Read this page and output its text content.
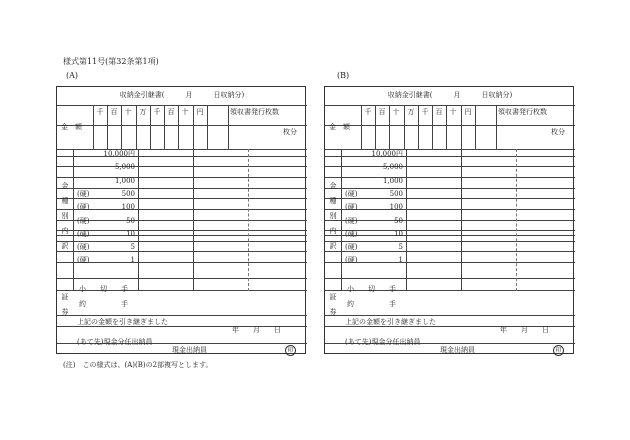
様式第11号(第32条第1項)
(A)	(B)
収納金引継書(　　　月　　　日収納分)
金　額
千	百	十	万	千	百	十	円	領収書発行枚数
枚分
金種別内訳
10,000円
5,000
1,000
(硬)	500
(硬)	100
(硬)	50
(硬)	10
(硬)	5
(硬)	1
証券
小　　切　　手
約　　　　　手
上記の金額を引き継ぎました
年　　月　　日
(あて先)現金分任出納員
現金出納員	印
収納金引継書(　　　月　　　日収納分)
金　額
千	百	十	万	千	百	十	円	領収書発行枚数
枚分
金種別内訳
10,000円
5,000
1,000
(硬)	500
(硬)	100
(硬)	50
(硬)	10
(硬)	5
(硬)	1
証券
小　　切　　手
約　　　　　手
上記の金額を引き継ぎました
年　　月　　日
(あて先)現金分任出納員
現金出納員	印
(注)　この様式は、(A)(B)の2部複写とします。
